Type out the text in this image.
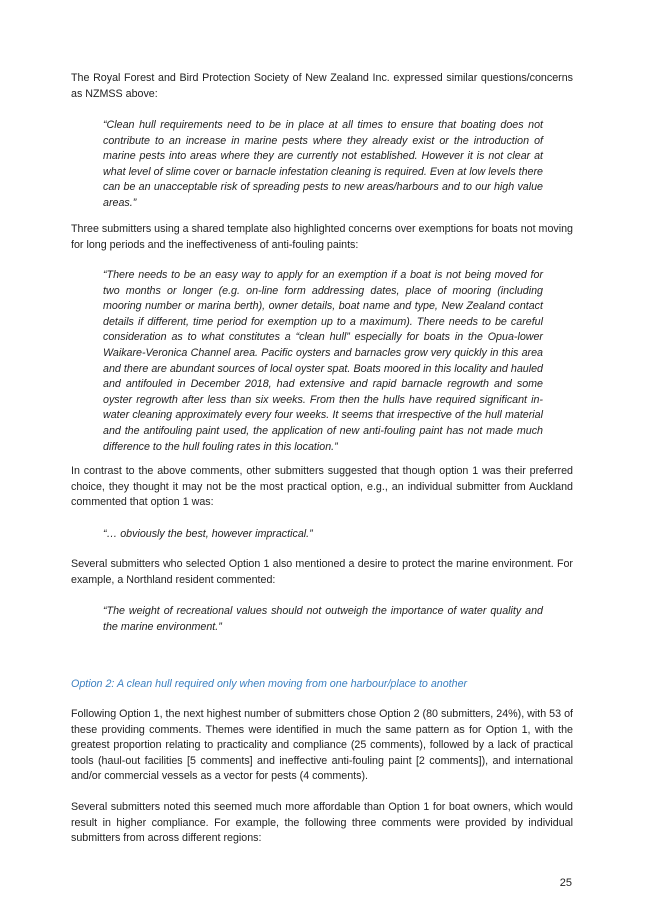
The Royal Forest and Bird Protection Society of New Zealand Inc. expressed similar questions/concerns as NZMSS above:

“Clean hull requirements need to be in place at all times to ensure that boating does not contribute to an increase in marine pests where they already exist or the introduction of marine pests into areas where they are currently not established. However it is not clear at what level of slime cover or barnacle infestation cleaning is required. Even at low levels there can be an unacceptable risk of spreading pests to new areas/harbours and to our high value areas.”

Three submitters using a shared template also highlighted concerns over exemptions for boats not moving for long periods and the ineffectiveness of anti-fouling paints:

“There needs to be an easy way to apply for an exemption if a boat is not being moved for two months or longer (e.g. on-line form addressing dates, place of mooring (including mooring number or marina berth), owner details, boat name and type, New Zealand contact details if different, time period for exemption up to a maximum). There needs to be careful consideration as to what constitutes a “clean hull” especially for boats in the Opua-lower Waikare-Veronica Channel area. Pacific oysters and barnacles grow very quickly in this area and there are abundant sources of local oyster spat. Boats moored in this locality and hauled and antifouled in December 2018, had extensive and rapid barnacle regrowth and some oyster regrowth after less than six weeks. From then the hulls have required significant in-water cleaning approximately every four weeks. It seems that irrespective of the hull material and the antifouling paint used, the application of new anti-fouling paint has not made much difference to the hull fouling rates in this location.”

In contrast to the above comments, other submitters suggested that though option 1 was their preferred choice, they thought it may not be the most practical option, e.g., an individual submitter from Auckland commented that option 1 was:

“… obviously the best, however impractical.”

Several submitters who selected Option 1 also mentioned a desire to protect the marine environment. For example, a Northland resident commented:

“The weight of recreational values should not outweigh the importance of water quality and the marine environment.”

Option 2: A clean hull required only when moving from one harbour/place to another

Following Option 1, the next highest number of submitters chose Option 2 (80 submitters, 24%), with 53 of these providing comments. Themes were identified in much the same pattern as for Option 1, with the greatest proportion relating to practicality and compliance (25 comments), followed by a lack of practical tools (haul-out facilities [5 comments] and ineffective anti-fouling paint [2 comments]), and international and/or commercial vessels as a vector for pests (4 comments).

Several submitters noted this seemed much more affordable than Option 1 for boat owners, which would result in higher compliance. For example, the following three comments were provided by individual submitters from across different regions:

25
